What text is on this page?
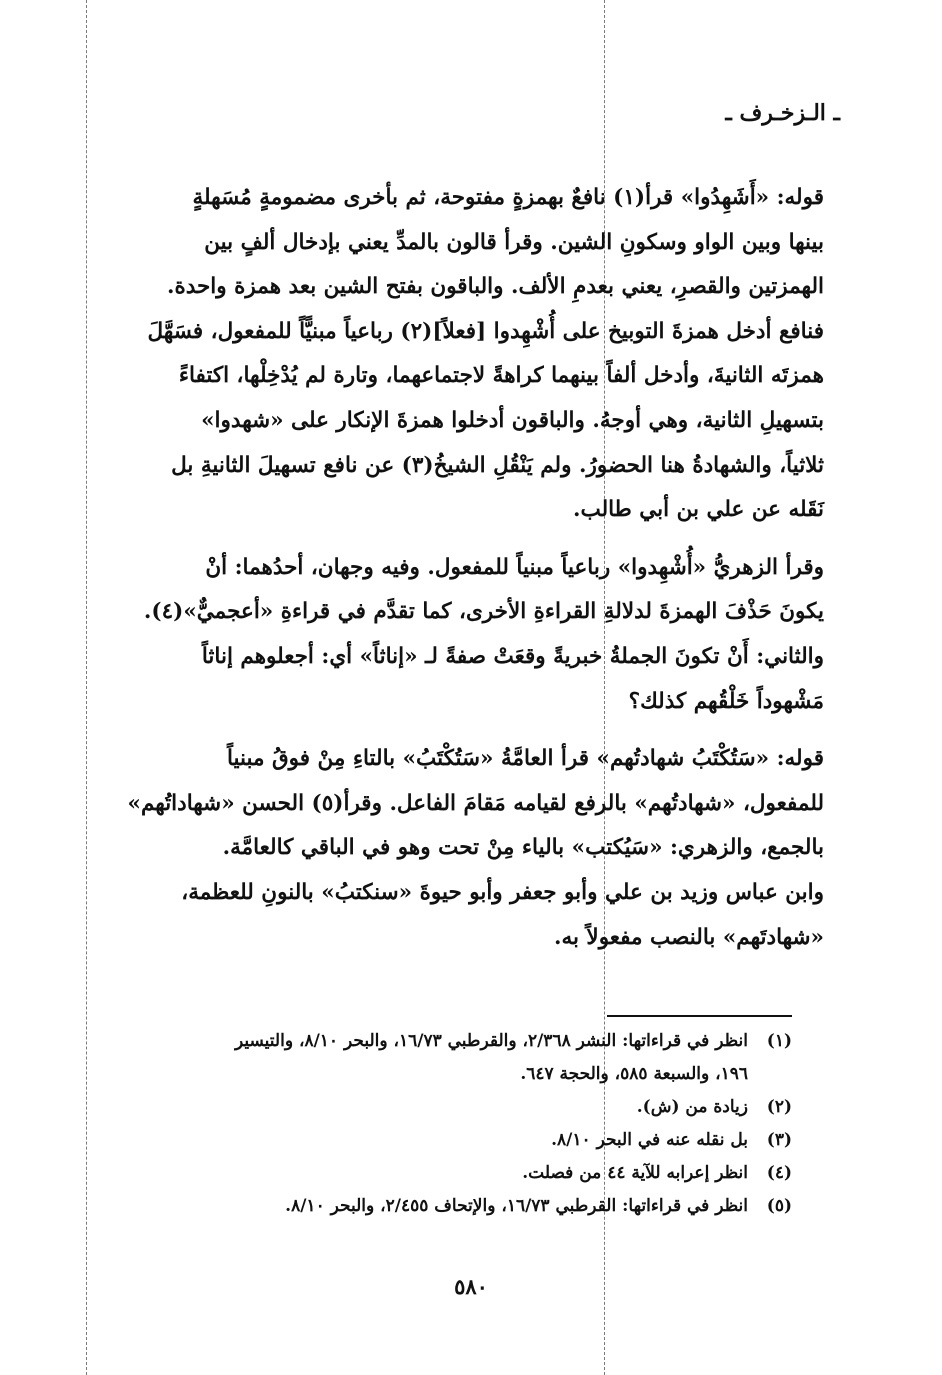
ـ الـزخـرف ـ

قوله: «أَشَهِدُوا» قرأ(١) نافعٌ بهمزةٍ مفتوحة، ثم بأخرى مضمومةٍ مُسَهلةٍ

بينها وبين الواو وسكونِ الشين. وقرأ قالون بالمدِّ يعني بإدخال ألفٍ بين

الهمزتين والقصرِ، يعني بعدمِ الألف. والباقون بفتح الشين بعد همزة واحدة.

فنافع أدخل همزةَ التوبيخ على أُشْهِدوا [فعلاً](٢) رباعياً مبنيًّاً للمفعول، فسَهَّلَ

همزتَه الثانيةَ، وأدخل ألفاً بينهما كراهةً لاجتماعهما، وتارة لم يُدْخِلْها، اكتفاءً

بتسهيلِ الثانية، وهي أوجهُ. والباقون أدخلوا همزةَ الإنكار على «شهدوا»

ثلاثياً، والشهادةُ هنا الحضورُ. ولم يَنْقُلِ الشيخُ(٣) عن نافع تسهيلَ الثانيةِ بل

نَقَله عن علي بن أبي طالب.

وقرأ الزهريُّ «أُشْهِدوا» رباعياً مبنياً للمفعول. وفيه وجهان، أحدُهما: أنْ

يكونَ حَذْفَ الهمزةَ لدلالةِ القراءةِ الأخرى، كما تقدَّم في قراءةِ «أعجميٌّ»(٤).

والثاني: أَنْ تكونَ الجملةُ خبريةً وقعَتْ صفةً لـ «إناثاً» أي: أجعلوهم إناثاً

مَشْهوداً خَلْقُهم كذلك؟

قوله: «سَتُكْتَبُ شهادتُهم» قرأ العامَّةُ «سَتُكْتَبُ» بالتاءِ مِنْ فوقُ مبنياً

للمفعول، «شهادتُهم» بالرفع لقيامه مَقامَ الفاعل. وقرأ(٥) الحسن «شهاداتُهم»

بالجمع، والزهري: «سَيُكتب» بالياء مِنْ تحت وهو في الباقي كالعامَّة.

وابن عباس وزيد بن علي وأبو جعفر وأبو حيوةَ «سنكتبُ» بالنونِ للعظمة،

«شهادتَهم» بالنصب مفعولاً به.

(١)
انظر في قراءاتها: النشر ٢/٣٦٨، والقرطبي ١٦/٧٣، والبحر ٨/١٠، والتيسير
١٩٦، والسبعة ٥٨٥، والحجة ٦٤٧.
(٢)
زيادة من (ش).
(٣)
بل نقله عنه في البحر ٨/١٠.
(٤)
انظر إعرابه للآية ٤٤ من فصلت.
(٥)
انظر في قراءاتها: القرطبي ١٦/٧٣، والإتحاف ٢/٤٥٥، والبحر ٨/١٠.
٥٨٠
